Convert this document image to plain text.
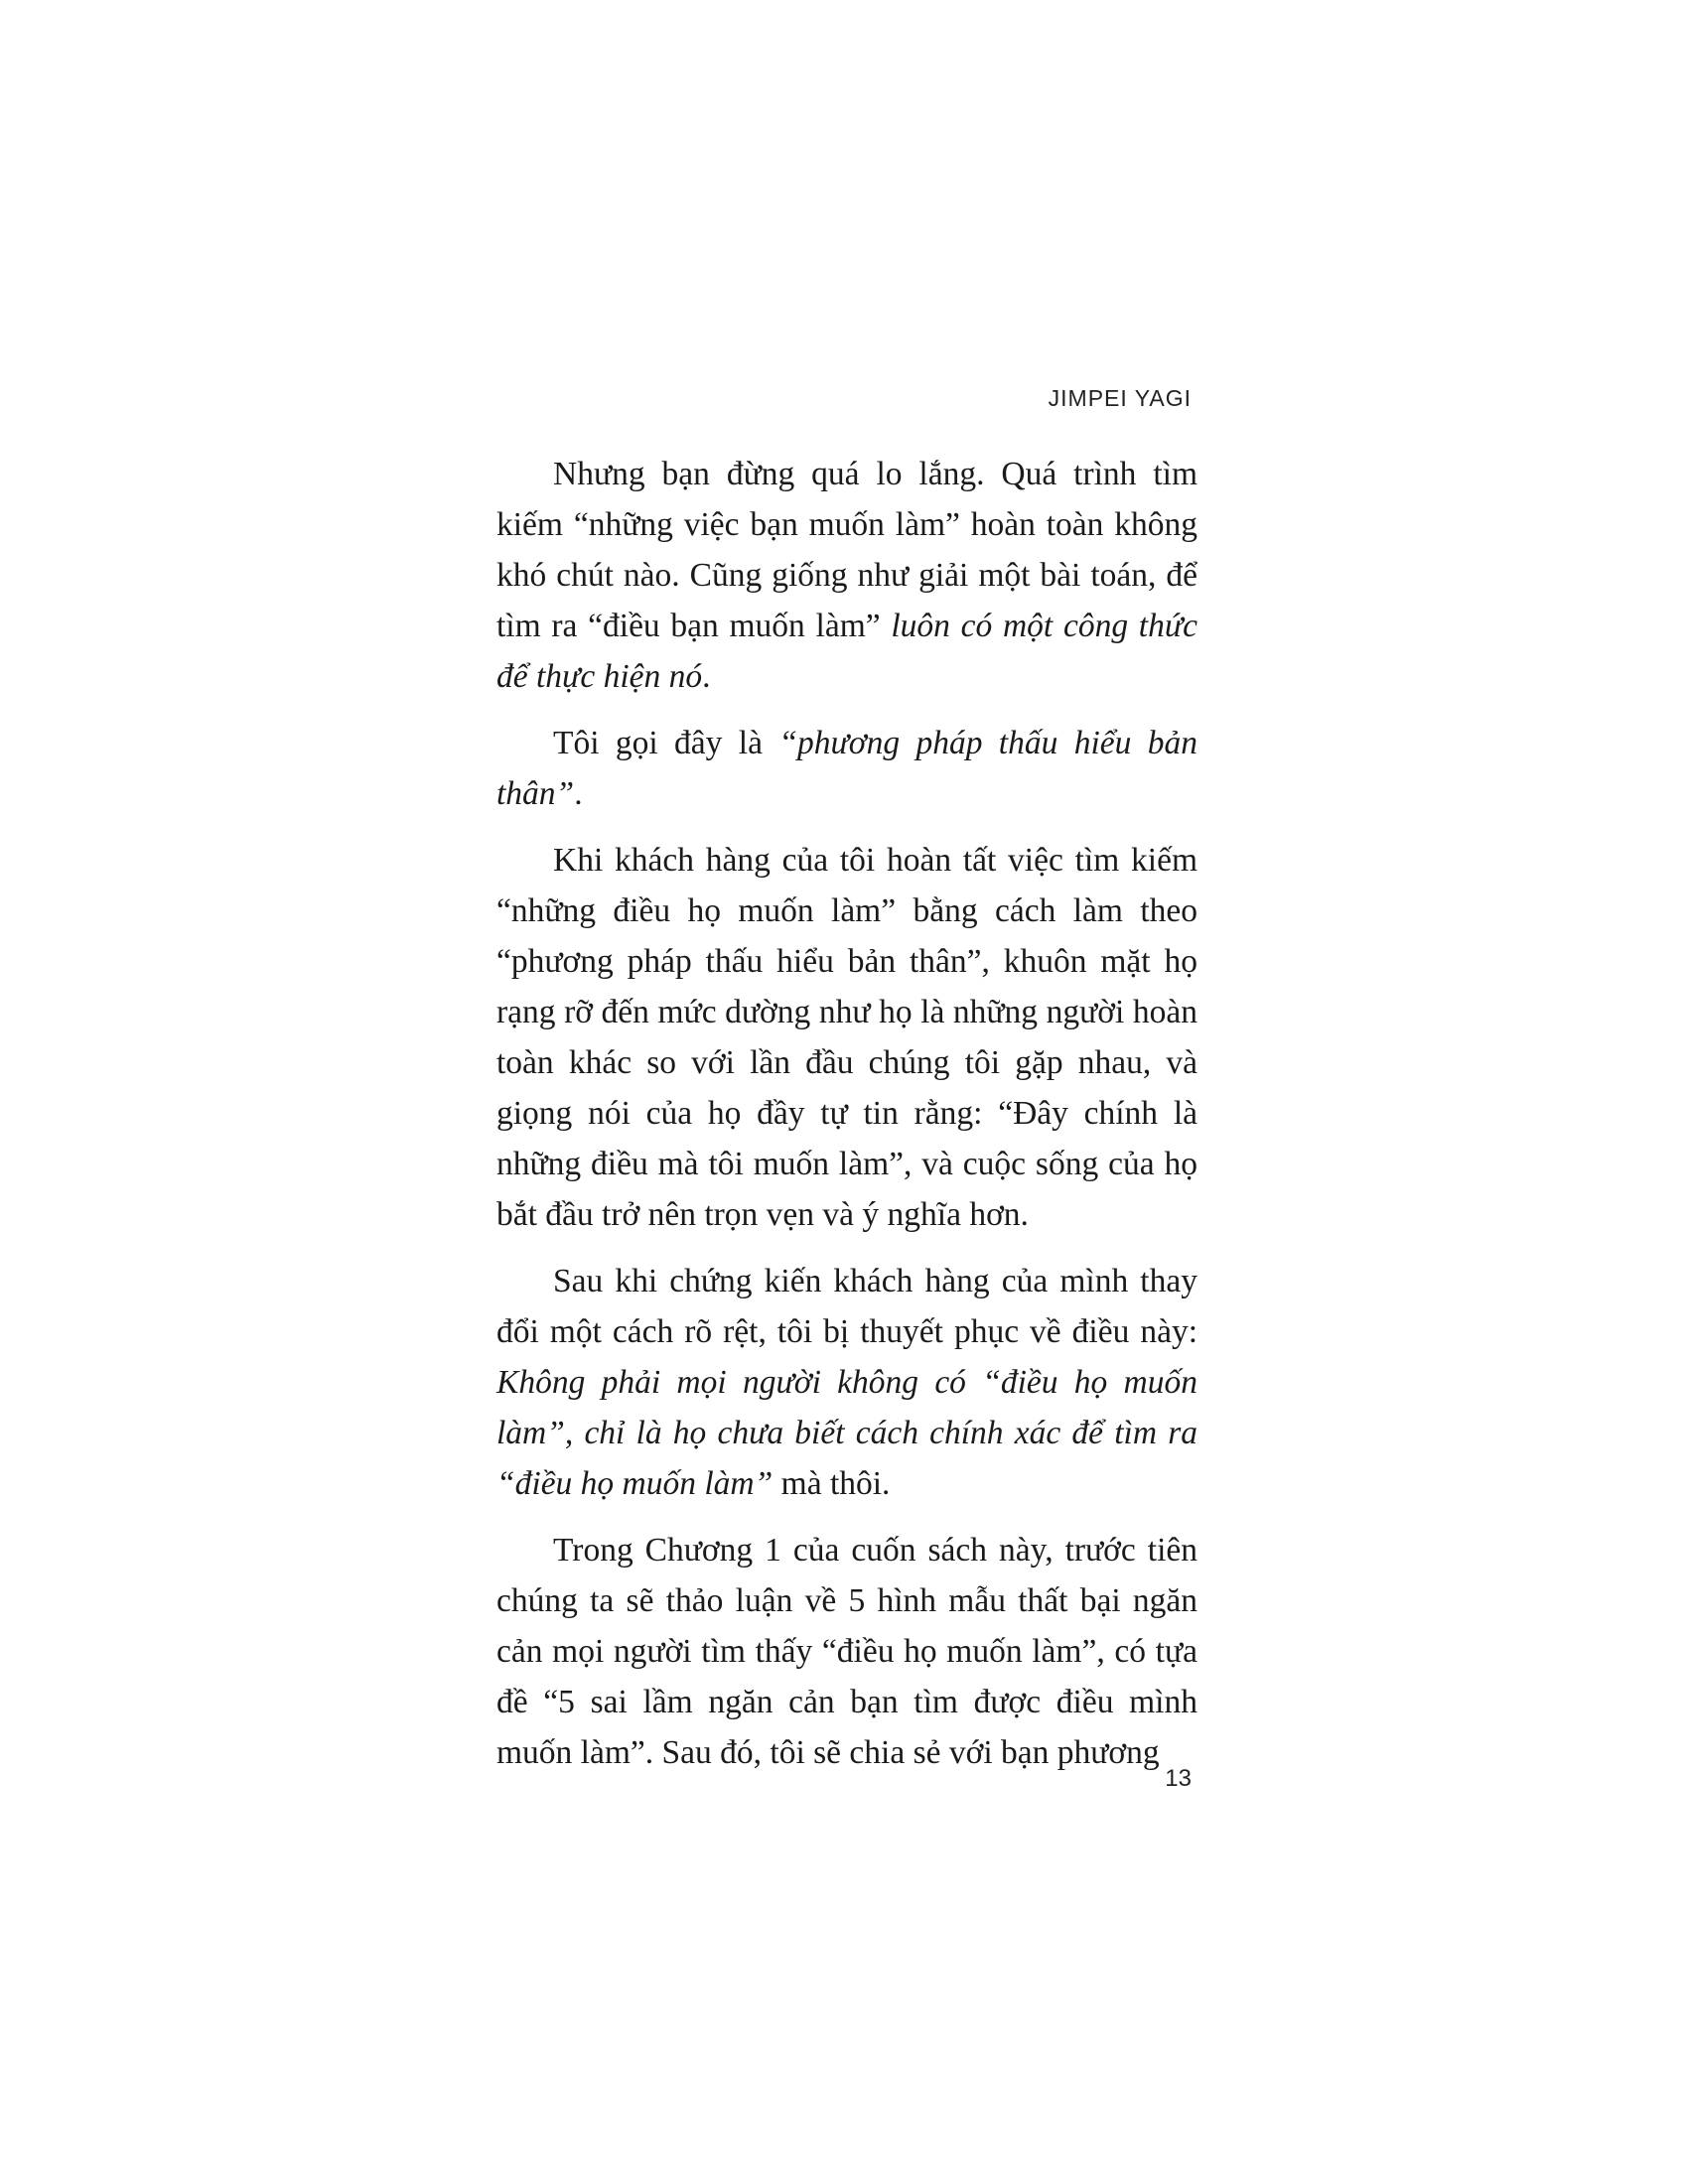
JIMPEI YAGI

Nhưng bạn đừng quá lo lắng. Quá trình tìm kiếm “những việc bạn muốn làm” hoàn toàn không khó chút nào. Cũng giống như giải một bài toán, để tìm ra “điều bạn muốn làm” luôn có một công thức để thực hiện nó.

Tôi gọi đây là “phương pháp thấu hiểu bản thân”.

Khi khách hàng của tôi hoàn tất việc tìm kiếm “những điều họ muốn làm” bằng cách làm theo “phương pháp thấu hiểu bản thân”, khuôn mặt họ rạng rỡ đến mức dường như họ là những người hoàn toàn khác so với lần đầu chúng tôi gặp nhau, và giọng nói của họ đầy tự tin rằng: “Đây chính là những điều mà tôi muốn làm”, và cuộc sống của họ bắt đầu trở nên trọn vẹn và ý nghĩa hơn.

Sau khi chứng kiến khách hàng của mình thay đổi một cách rõ rệt, tôi bị thuyết phục về điều này: Không phải mọi người không có “điều họ muốn làm”, chỉ là họ chưa biết cách chính xác để tìm ra “điều họ muốn làm” mà thôi.

Trong Chương 1 của cuốn sách này, trước tiên chúng ta sẽ thảo luận về 5 hình mẫu thất bại ngăn cản mọi người tìm thấy “điều họ muốn làm”, có tựa đề “5 sai lầm ngăn cản bạn tìm được điều mình muốn làm”. Sau đó, tôi sẽ chia sẻ với bạn phương

13
